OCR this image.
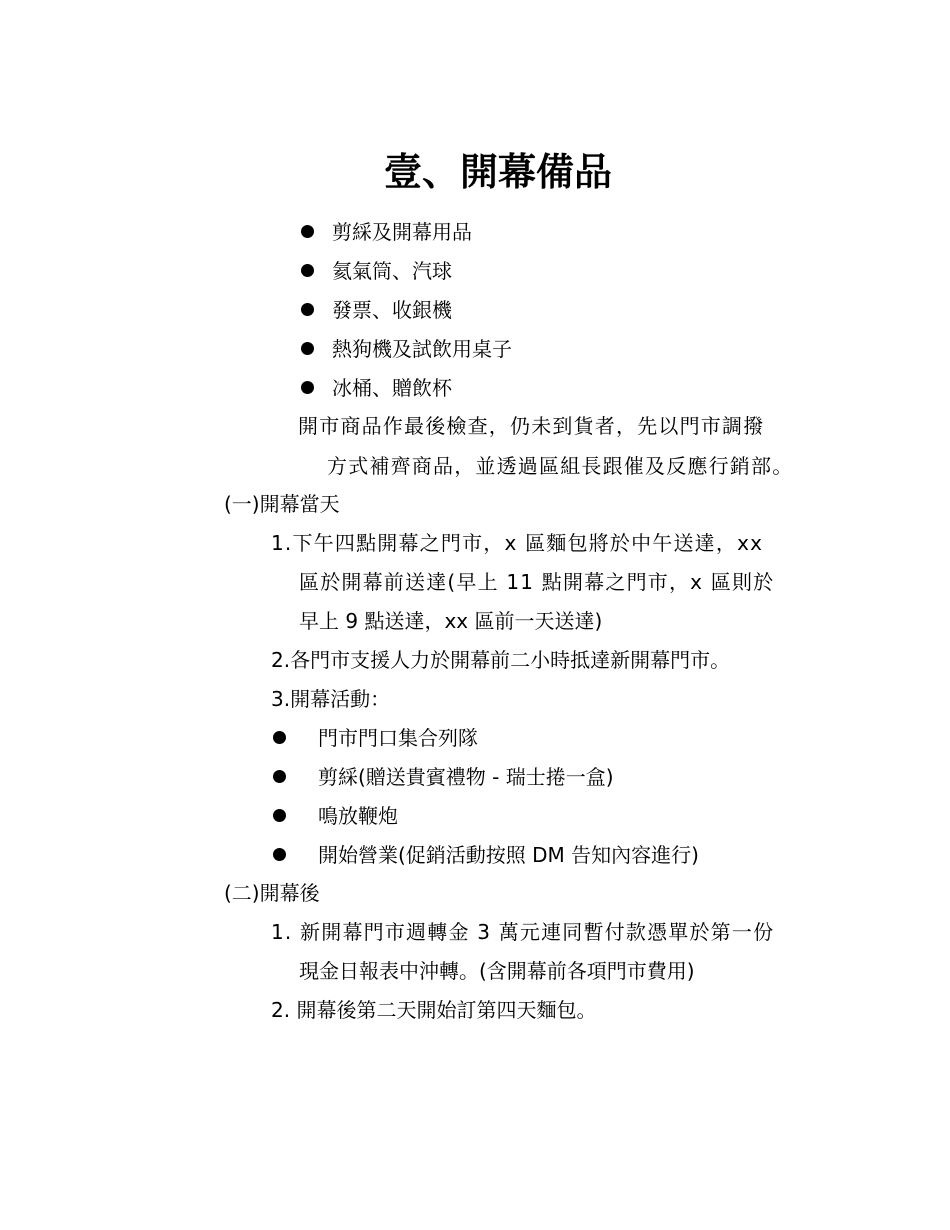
壹、開幕備品
剪綵及開幕用品
氦氣筒、汽球
發票、收銀機
熱狗機及試飲用桌子
冰桶、贈飲杯
開市商品作最後檢查，仍未到貨者，先以門市調撥
方式補齊商品，並透過區組長跟催及反應行銷部。
(一)開幕當天
1.下午四點開幕之門市，x 區麵包將於中午送達，xx
區於開幕前送達(早上 11 點開幕之門市，x 區則於
早上 9 點送達，xx 區前一天送達)
2.各門市支援人力於開幕前二小時抵達新開幕門市。
3.開幕活動：
門市門口集合列隊
剪綵(贈送貴賓禮物 - 瑞士捲一盒)
鳴放鞭炮
開始營業(促銷活動按照 DM 告知內容進行)
(二)開幕後
1. 新開幕門市週轉金 3 萬元連同暫付款憑單於第一份
現金日報表中沖轉。(含開幕前各項門市費用)
2. 開幕後第二天開始訂第四天麵包。
